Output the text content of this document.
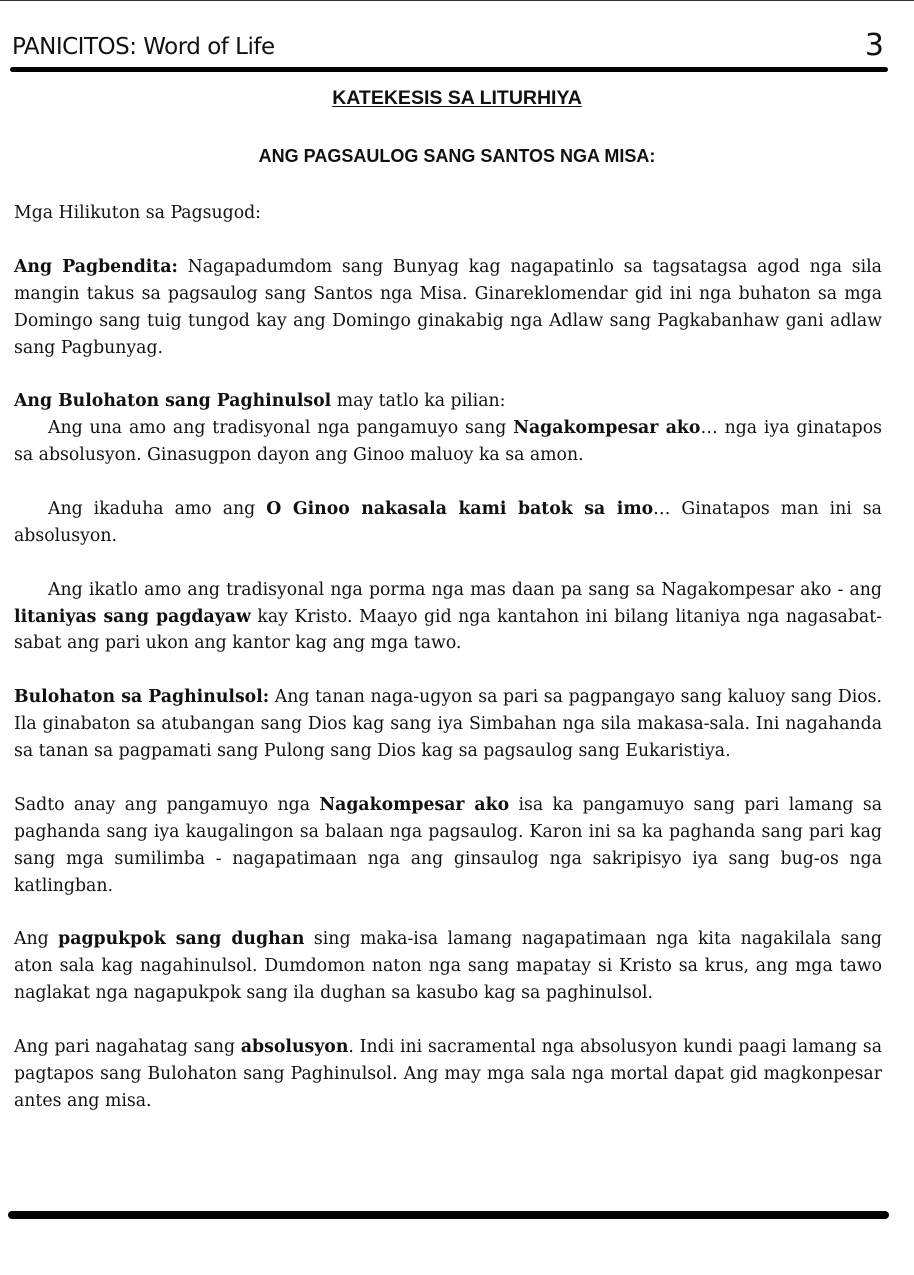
PANICITOS: Word of Life	3
KATEKESIS SA LITURHIYA
ANG PAGSAULOG SANG SANTOS NGA MISA:

Mga Hilikuton sa Pagsugod:

Ang Pagbendita: Nagapadumdom sang Bunyag kag nagapatinlo sa tagsatagsa agod nga sila mangin takus sa pagsaulog sang Santos nga Misa. Ginareklomendar gid ini nga buhaton sa mga Domingo sang tuig tungod kay ang Domingo ginakabig nga Adlaw sang Pagkabanhaw gani adlaw sang Pagbunyag.

Ang Bulohaton sang Paghinulsol may tatlo ka pilian:

Ang una amo ang tradisyonal nga pangamuyo sang Nagakompesar ako… nga iya ginatapos sa absolusyon. Ginasugpon dayon ang Ginoo maluoy ka sa amon.

Ang ikaduha amo ang O Ginoo nakasala kami batok sa imo… Ginatapos man ini sa absolusyon.

Ang ikatlo amo ang tradisyonal nga porma nga mas daan pa sang sa Nagakompesar ako - ang litaniyas sang pagdayaw kay Kristo. Maayo gid nga kantahon ini bilang litaniya nga nagasabat-sabat ang pari ukon ang kantor kag ang mga tawo.

Bulohaton sa Paghinulsol: Ang tanan naga-ugyon sa pari sa pagpangayo sang kaluoy sang Dios. Ila ginabaton sa atubangan sang Dios kag sang iya Simbahan nga sila makasa-sala. Ini nagahanda sa tanan sa pagpamati sang Pulong sang Dios kag sa pagsaulog sang Eukaristiya.

Sadto anay ang pangamuyo nga Nagakompesar ako isa ka pangamuyo sang pari lamang sa paghanda sang iya kaugalingon sa balaan nga pagsaulog. Karon ini sa ka paghanda sang pari kag sang mga sumilimba - nagapatimaan nga ang ginsaulog nga sakripisyo iya sang bug-os nga katlingban.

Ang pagpukpok sang dughan sing maka-isa lamang nagapatimaan nga kita nagakilala sang aton sala kag nagahinulsol. Dumdomon naton nga sang mapatay si Kristo sa krus, ang mga tawo naglakat nga nagapukpok sang ila dughan sa kasubo kag sa paghinulsol.

Ang pari nagahatag sang absolusyon. Indi ini sacramental nga absolusyon kundi paagi lamang sa pagtapos sang Bulohaton sang Paghinulsol. Ang may mga sala nga mortal dapat gid magkonpesar antes ang misa.
